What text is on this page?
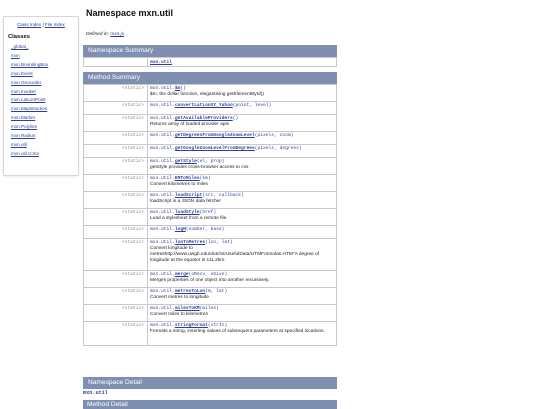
Class Index | File Index
Classes
_global_
mxn
mxn.BoundingBox
mxn.Event
mxn.Geocoder
mxn.Invoker
mxn.LatLonPoint
mxn.Mapstraction
mxn.Marker
mxn.Polyline
mxn.Radius
mxn.util
mxn.util.Color
Namespace mxn.util
Defined in: mxn.js.
Namespace Summary
	mxn.util
Method Summary
<static>	mxn.util.$m()
$m, the dollar function, elegantising getElementById()

<static>	mxn.util.convertLatLonXY_Yahoo(point, level)

<static>	mxn.util.getAvailableProviders()
Returns array of loaded provider apis

<static>	mxn.util.getDegreesFromGoogleZoomLevel(pixels, zoom)

<static>	mxn.util.getGoogleZoomLevelFromDegrees(pixels, degrees)

<static>	mxn.util.getStyle(el, prop)
getStyle provides cross-browser access to css

<static>	mxn.util.KMToMiles(km)
Convert kilometres to miles

<static>	mxn.util.loadScript(src, callback)
loadScript is a JSON data fetcher

<static>	mxn.util.loadStyle(href)
Load a stylesheet from a remote file.

<static>	mxn.util.logN(number, base)

<static>	mxn.util.lonToMetres(lon, lat)
Convert longitude to metreshttp://www.uwgb.edu/dutchs/UsefulData/UTMFormulas.HTM"A degree of longitude at the equator is 111.2km.

<static>	mxn.util.merge(oRecv, oGive)
Merges properties of one object into another recursively.

<static>	mxn.util.metresToLon(m, lat)
Convert metres to longitude

<static>	mxn.util.milesToKM(miles)
Convert miles to kilometres

<static>	mxn.util.stringFormat(strIn)
Formats a string, inserting values of subsequent parameters at specified locations.
Namespace Detail
mxn.util
Method Detail
